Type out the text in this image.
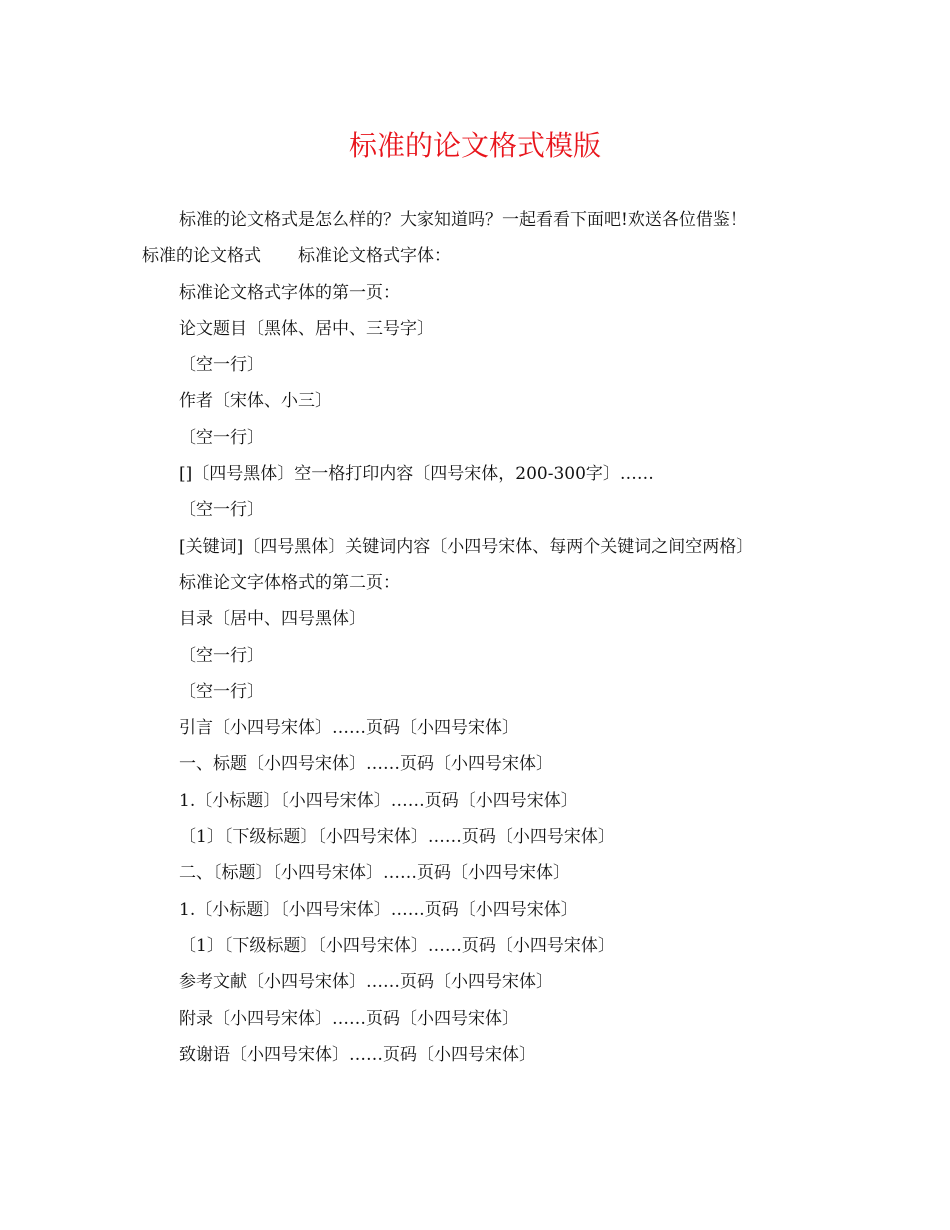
标准的论文格式模版

标准的论文格式是怎么样的？大家知道吗？一起看看下面吧!欢送各位借鉴！

标准的论文格式 标准论文格式字体：

标准论文格式字体的第一页：

论文题目〔黑体、居中、三号字〕

〔空一行〕

作者〔宋体、小三〕

〔空一行〕

[]〔四号黑体〕空一格打印内容〔四号宋体，200-300字〕……

〔空一行〕

[关键词]〔四号黑体〕关键词内容〔小四号宋体、每两个关键词之间空两格〕

标准论文字体格式的第二页：

目录〔居中、四号黑体〕

〔空一行〕

〔空一行〕

引言〔小四号宋体〕……页码〔小四号宋体〕

一、标题〔小四号宋体〕……页码〔小四号宋体〕

1.〔小标题〕〔小四号宋体〕……页码〔小四号宋体〕

〔1〕〔下级标题〕〔小四号宋体〕……页码〔小四号宋体〕

二、〔标题〕〔小四号宋体〕……页码〔小四号宋体〕

1.〔小标题〕〔小四号宋体〕……页码〔小四号宋体〕

〔1〕〔下级标题〕〔小四号宋体〕……页码〔小四号宋体〕

参考文献〔小四号宋体〕……页码〔小四号宋体〕

附录〔小四号宋体〕……页码〔小四号宋体〕

致谢语〔小四号宋体〕……页码〔小四号宋体〕
